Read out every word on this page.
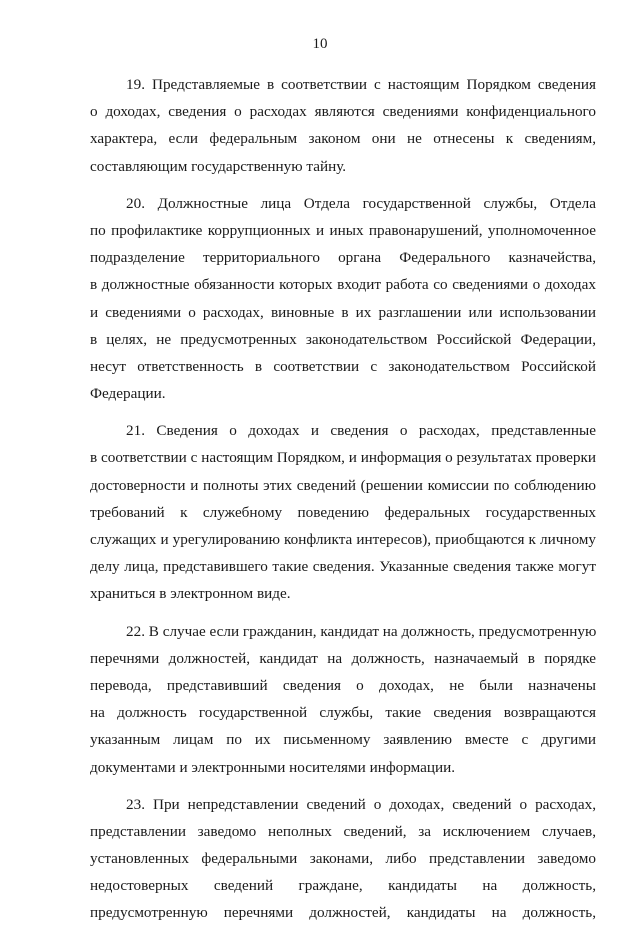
10

19. Представляемые в соответствии с настоящим Порядком сведения
о доходах, сведения о расходах являются сведениями конфиденциального
характера, если федеральным законом они не отнесены к сведениям,
составляющим государственную тайну.

20. Должностные лица Отдела государственной службы, Отдела
по профилактике коррупционных и иных правонарушений, уполномоченное
подразделение территориального органа Федерального казначейства,
в должностные обязанности которых входит работа со сведениями о доходах
и сведениями о расходах, виновные в их разглашении или использовании
в целях, не предусмотренных законодательством Российской Федерации,
несут ответственность в соответствии с законодательством Российской
Федерации.

21. Сведения о доходах и сведения о расходах, представленные
в соответствии с настоящим Порядком, и информация о результатах проверки
достоверности и полноты этих сведений (решении комиссии по соблюдению
требований к служебному поведению федеральных государственных
служащих и урегулированию конфликта интересов), приобщаются к личному
делу лица, представившего такие сведения. Указанные сведения также могут
храниться в электронном виде.

22. В случае если гражданин, кандидат на должность, предусмотренную
перечнями должностей, кандидат на должность, назначаемый в порядке
перевода, представивший сведения о доходах, не были назначены
на должность государственной службы, такие сведения возвращаются
указанным лицам по их письменному заявлению вместе с другими
документами и электронными носителями информации.

23. При непредставлении сведений о доходах, сведений о расходах,
представлении заведомо неполных сведений, за исключением случаев,
установленных федеральными законами, либо представлении заведомо
недостоверных сведений граждане, кандидаты на должность,
предусмотренную перечнями должностей, кандидаты на должность,
